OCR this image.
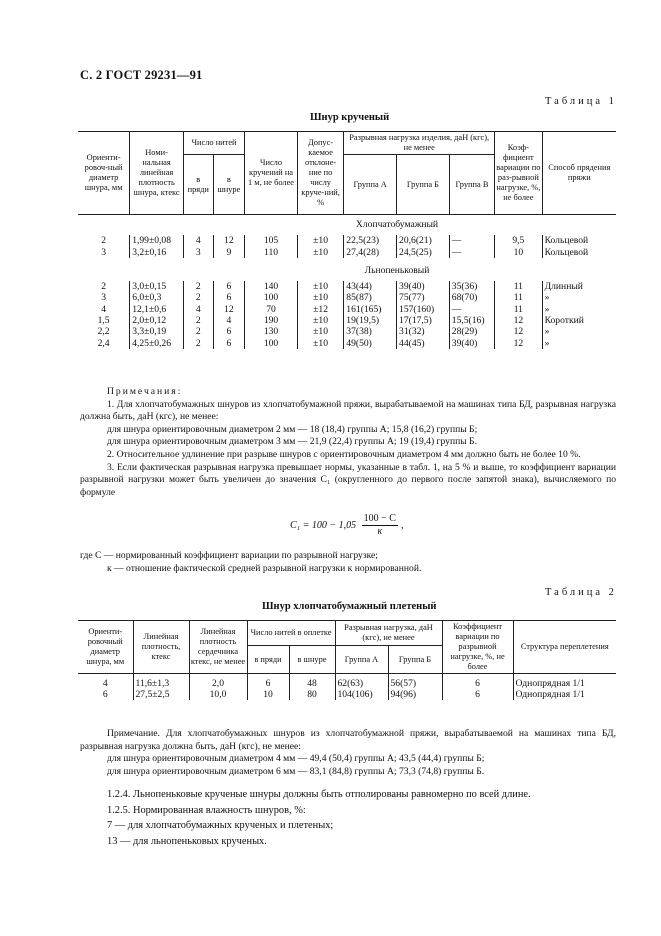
С. 2 ГОСТ 29231—91
Таблица 1
Шнур крученый
Ориенти-ровоч-ный диаметр шнура, мм	Номи-нальная линейная плотность шнура, ктекс	Число нитей		Число кручений на 1 м, не более	Допус-каемое отклоне-ние по числу круче-ний, %	Разрывная нагрузка изделия, даН (кгс), не менее			Коэф-фициент вариации по раз-рывной нагрузке, %, не более	Способ прядения пряжи
		в пряди	в шнуре			Группа А	Группа Б	Группа В		
Хлопчатобумажный										
2	1,99±0,08	4	12	105	±10	22,5(23)	20,6(21)	—	9,5	Кольцевой
3	3,2±0,16	3	9	110	±10	27,4(28)	24,5(25)	—	10	Кольцевой
Льнопеньковый										
2	3,0±0,15	2	6	140	±10	43(44)	39(40)	35(36)	11	Длинный
3	6,0±0,3	2	6	100	±10	85(87)	75(77)	68(70)	11	»
4	12,1±0,6	4	12	70	±12	161(165)	157(160)	—	11	»
1,5	2,0±0,12	2	4	190	±10	19(19,5)	17(17,5)	15,5(16)	12	Короткий
2,2	3,3±0,19	2	6	130	±10	37(38)	31(32)	28(29)	12	»
2,4	4,25±0,26	2	6	100	±10	49(50)	44(45)	39(40)	12	»

Примечания:

1. Для хлопчатобумажных шнуров из хлопчатобумажной пряжи, вырабатываемой на машинах типа БД, разрывная нагрузка должна быть, даН (кгс), не менее:

для шнура ориентировочным диаметром 2 мм — 18 (18,4) группы А; 15,8 (16,2) группы Б;

для шнура ориентировочным диаметром 3 мм — 21,9 (22,4) группы А; 19 (19,4) группы Б.

2. Относительное удлинение при разрыве шнуров с ориентировочным диаметром 4 мм должно быть не более 10 %.

3. Если фактическая разрывная нагрузка превышает нормы, указанные в табл. 1, на 5 % и выше, то коэффициент вариации разрывной нагрузки может быть увеличен до значения C₁ (округленного до первого после запятой знака), вычисляемого по формуле

$C_1 = 100 - 1,05 \frac{100 - C}{к}$ ,

где C — нормированный коэффициент вариации по разрывной нагрузке;

к — отношение фактической средней разрывной нагрузки к нормированной.

Таблица 2
Шнур хлопчатобумажный плетеный
Ориенти-ровочный диаметр шнура, мм	Линейная плотность, ктекс	Линейная плотность сердечника ктекс, не менее	Число нитей в оплетке		Разрывная нагрузка, даН (кгс), не менее		Коэффициент вариации по разрывной нагрузке, %, не более	Структура переплетения
			в пряди	в шнуре	Группа А	Группа Б		
4	11,6±1,3	2,0	6	48	62(63)	56(57)	6	Однопрядная 1/1
6	27,5±2,5	10,0	10	80	104(106)	94(96)	6	Однопрядная 1/1

Примечание. Для хлопчатобумажных шнуров из хлопчатобумажной пряжи, вырабатываемой на машинах типа БД, разрывная нагрузка должна быть, даН (кгс), не менее:

для шнура ориентировочным диаметром 4 мм — 49,4 (50,4) группы А; 43,5 (44,4) группы Б;

для шнура ориентировочным диаметром 6 мм — 83,1 (84,8) группы А; 73,3 (74,8) группы Б.

1.2.4. Льнопеньковые крученые шнуры должны быть отполированы равномерно по всей длине.

1.2.5. Нормированная влажность шнуров, %:

7 — для хлопчатобумажных крученых и плетеных;

13 — для льнопеньковых крученых.
